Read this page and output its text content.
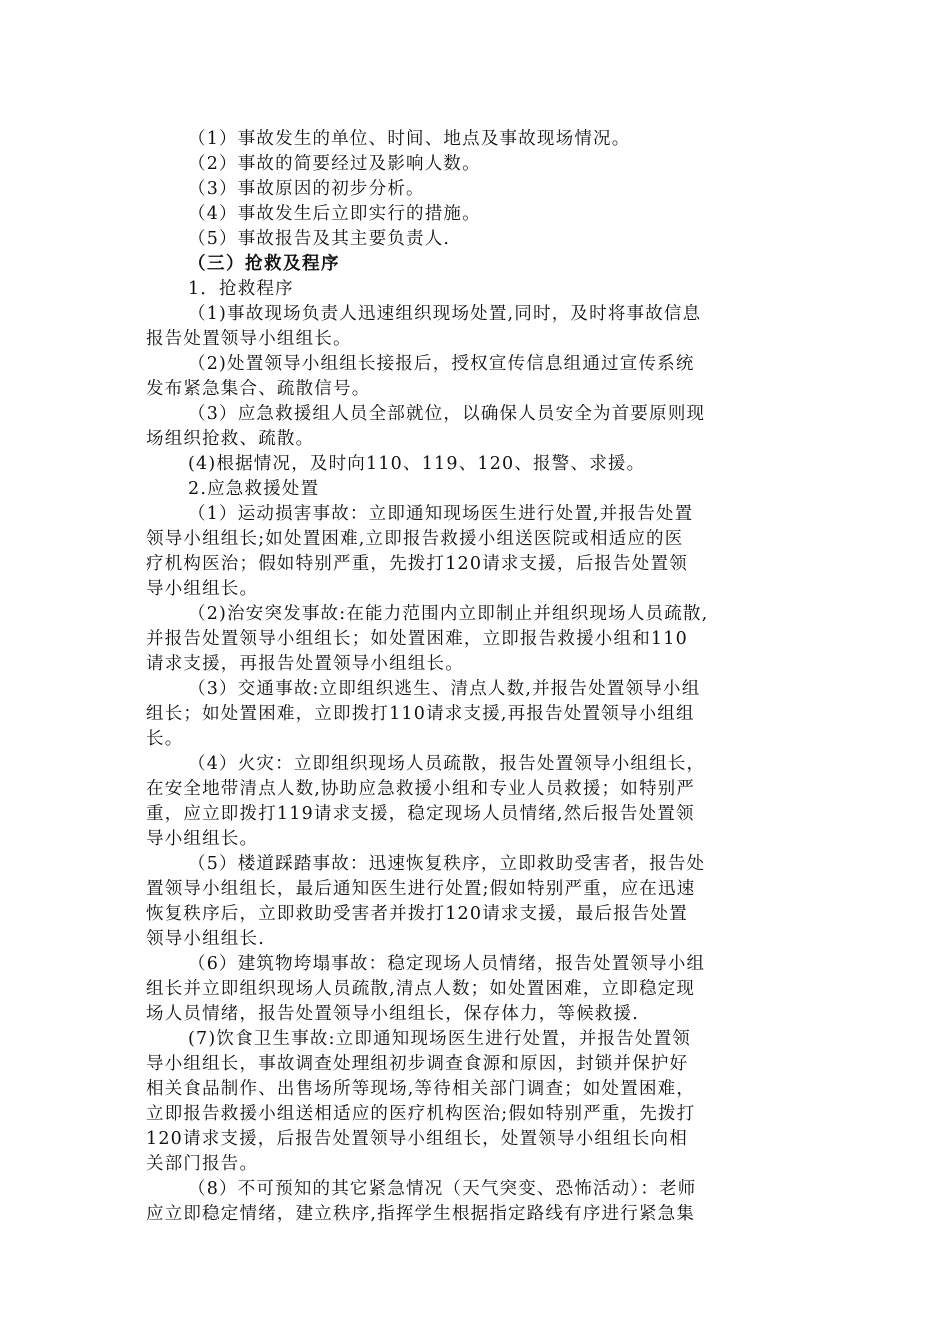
（1）事故发生的单位、时间、地点及事故现场情况。
（2）事故的简要经过及影响人数。
（3）事故原因的初步分析。
（4）事故发生后立即实行的措施。
（5）事故报告及其主要负责人.
（三）抢救及程序
1．抢救程序
（1)事故现场负责人迅速组织现场处置,同时，及时将事故信息
报告处置领导小组组长。
（2)处置领导小组组长接报后，授权宣传信息组通过宣传系统
发布紧急集合、疏散信号。
（3）应急救援组人员全部就位，以确保人员安全为首要原则现
场组织抢救、疏散。
(4)根据情况，及时向110、119、120、报警、求援。
2.应急救援处置
（1）运动损害事故：立即通知现场医生进行处置,并报告处置
领导小组组长;如处置困难,立即报告救援小组送医院或相适应的医
疗机构医治；假如特别严重，先拨打120请求支援，后报告处置领
导小组组长。
（2)治安突发事故:在能力范围内立即制止并组织现场人员疏散,
并报告处置领导小组组长；如处置困难，立即报告救援小组和110
请求支援，再报告处置领导小组组长。
（3）交通事故:立即组织逃生、清点人数,并报告处置领导小组
组长；如处置困难，立即拨打110请求支援,再报告处置领导小组组
长。
（4）火灾：立即组织现场人员疏散，报告处置领导小组组长，
在安全地带清点人数,协助应急救援小组和专业人员救援；如特别严
重，应立即拨打119请求支援，稳定现场人员情绪,然后报告处置领
导小组组长。
（5）楼道踩踏事故：迅速恢复秩序，立即救助受害者，报告处
置领导小组组长，最后通知医生进行处置;假如特别严重，应在迅速
恢复秩序后，立即救助受害者并拨打120请求支援，最后报告处置
领导小组组长.
（6）建筑物垮塌事故：稳定现场人员情绪，报告处置领导小组
组长并立即组织现场人员疏散,清点人数；如处置困难，立即稳定现
场人员情绪，报告处置领导小组组长，保存体力，等候救援.
(7)饮食卫生事故:立即通知现场医生进行处置，并报告处置领
导小组组长，事故调查处理组初步调查食源和原因，封锁并保护好
相关食品制作、出售场所等现场,等待相关部门调查；如处置困难，
立即报告救援小组送相适应的医疗机构医治;假如特别严重，先拨打
120请求支援，后报告处置领导小组组长，处置领导小组组长向相
关部门报告。
（8）不可预知的其它紧急情况（天气突变、恐怖活动）：老师
应立即稳定情绪，建立秩序,指挥学生根据指定路线有序进行紧急集
